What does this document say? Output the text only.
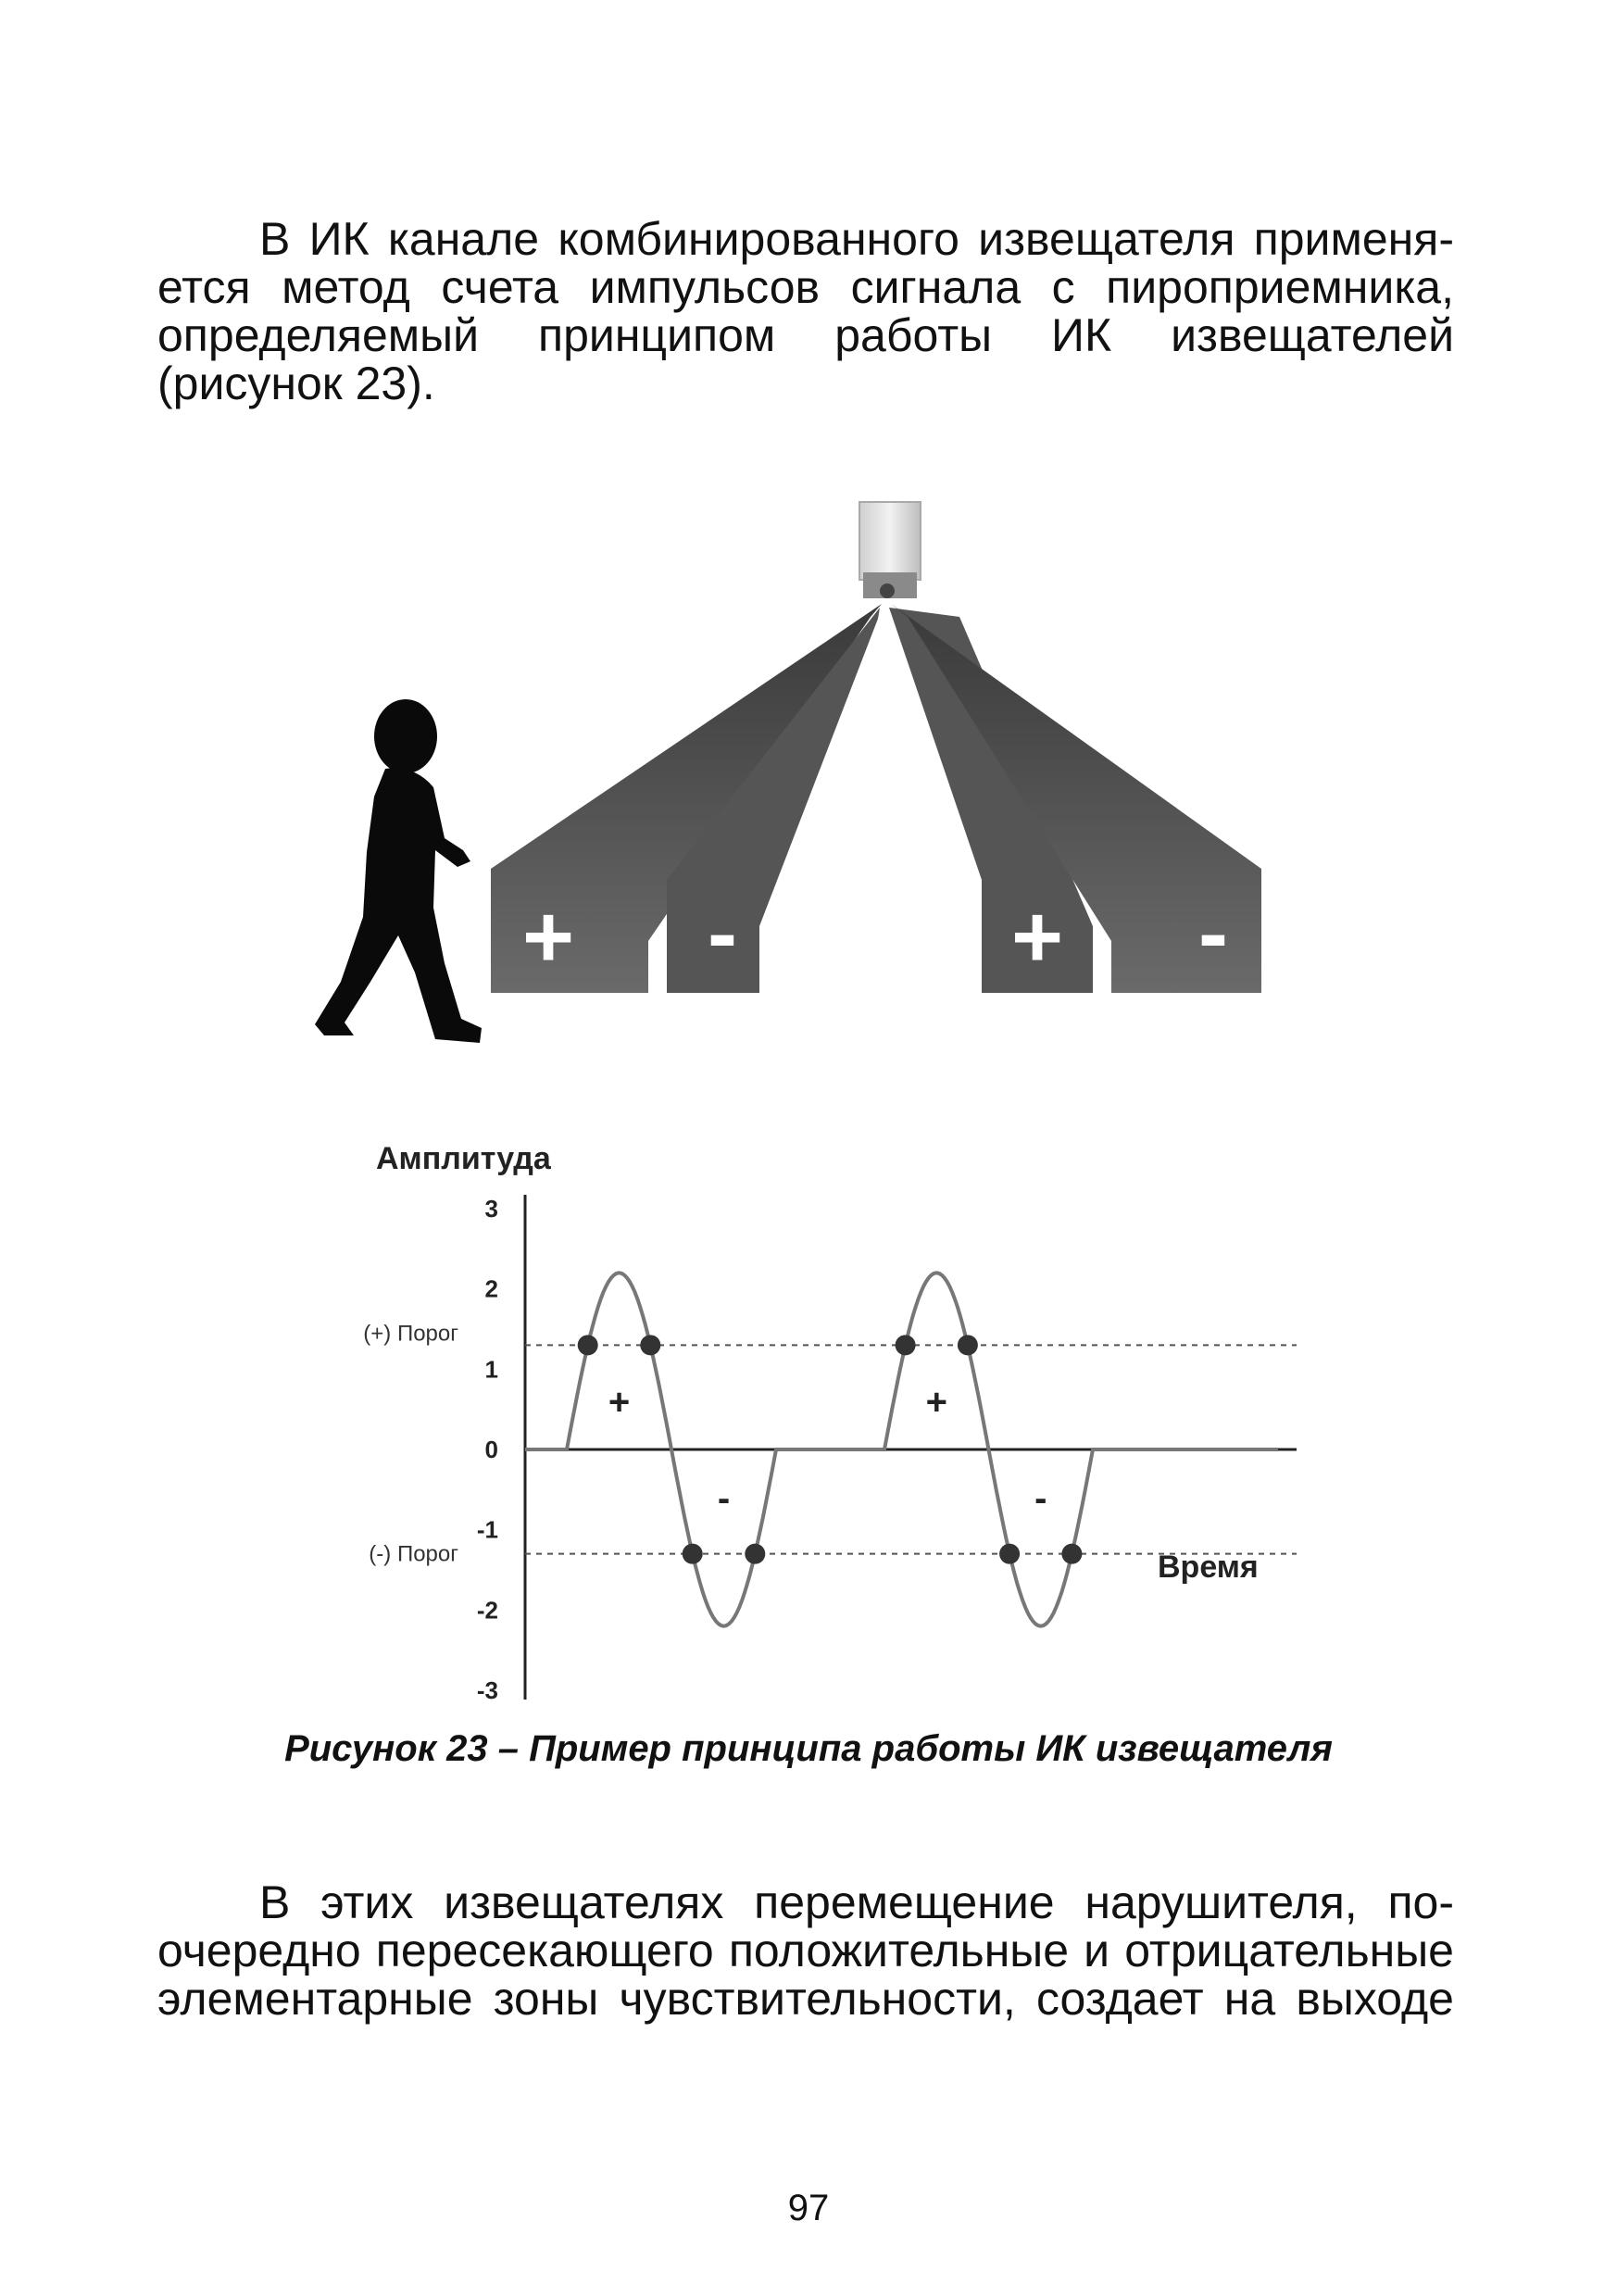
В ИК канале комбинированного извещателя применя-
ется метод счета импульсов сигнала с пироприемника,
определяемый принципом работы ИК извещателей
(рисунок 23).
+ -	+ -
Амплитуда
Время
3
2
1
0
-1
-2
-3
(+) Порог
(-) Порог
+
-
+
-
Рисунок 23 – Пример принципа работы ИК извещателя
В этих извещателях перемещение нарушителя, по-
очередно пересекающего положительные и отрицательные
элементарные зоны чувствительности, создает на выходе
97
